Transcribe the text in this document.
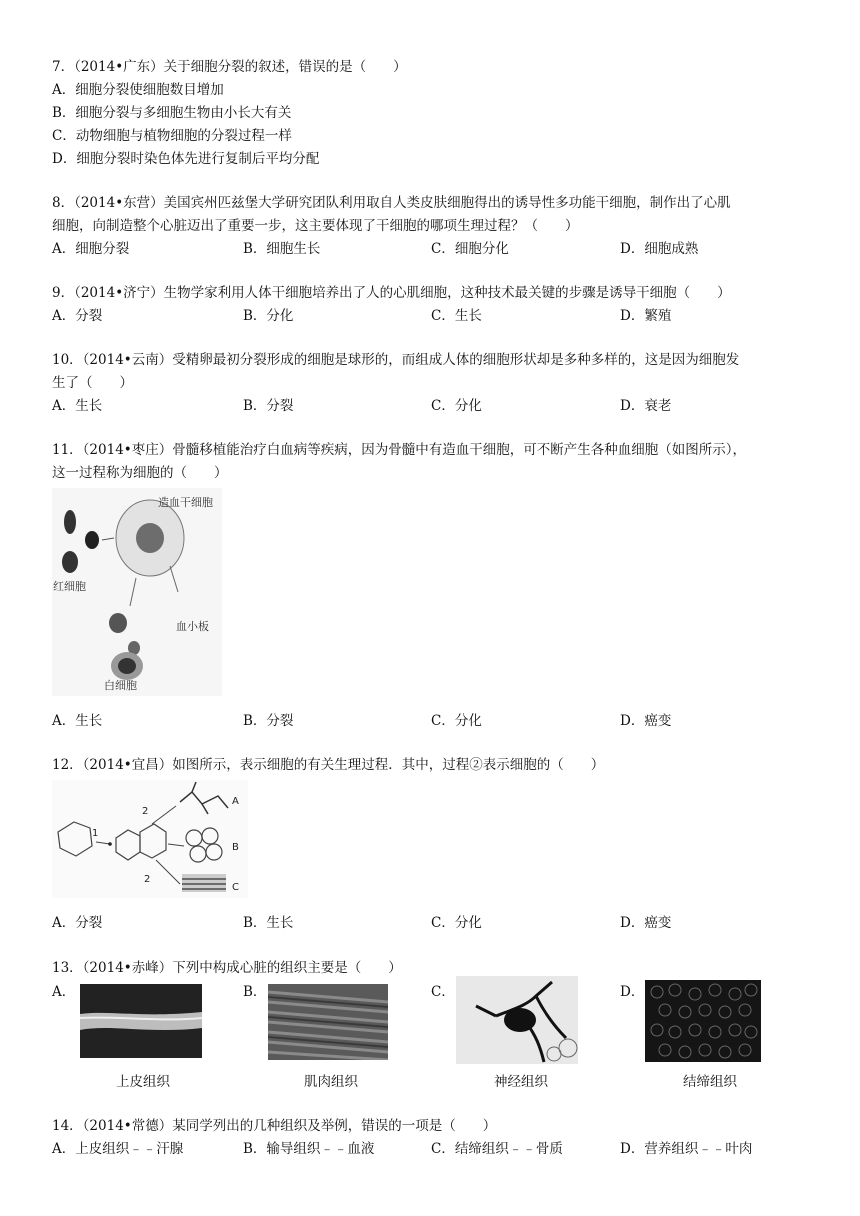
7．（2014•广东）关于细胞分裂的叙述，错误的是（　　）
A．细胞分裂使细胞数目增加
B．细胞分裂与多细胞生物由小长大有关
C．动物细胞与植物细胞的分裂过程一样
D．细胞分裂时染色体先进行复制后平均分配
8．（2014•东营）美国宾州匹兹堡大学研究团队利用取自人类皮肤细胞得出的诱导性多功能干细胞，制作出了心肌
细胞，向制造整个心脏迈出了重要一步，这主要体现了干细胞的哪项生理过程？（　　）
A．细胞分裂	B．细胞生长	C．细胞分化	D．细胞成熟
9．（2014•济宁）生物学家利用人体干细胞培养出了人的心肌细胞，这种技术最关键的步骤是诱导干细胞（　　）
A．分裂	B．分化	C．生长	D．繁殖
10．（2014•云南）受精卵最初分裂形成的细胞是球形的，而组成人体的细胞形状却是多种多样的，这是因为细胞发
生了（　　）
A．生长	B．分裂	C．分化	D．衰老
11．（2014•枣庄）骨髓移植能治疗白血病等疾病，因为骨髓中有造血干细胞，可不断产生各种血细胞（如图所示），
这一过程称为细胞的（　　）
造血干细胞
红细胞
血小板
白细胞
A．生长	B．分裂	C．分化	D．癌变
12．（2014•宜昌）如图所示，表示细胞的有关生理过程．其中，过程②表示细胞的（　　）
1
2
2
A
B
C
A．分裂	B．生长	C．分化	D．癌变
13．（2014•赤峰）下列中构成心脏的组织主要是（　　）
A．	B．	C．	D．
上皮组织	肌肉组织	神经组织	结缔组织
14．（2014•常德）某同学列出的几种组织及举例，错误的一项是（　　）
A．上皮组织﹣﹣汗腺	B．输导组织﹣﹣血液	C．结缔组织﹣﹣骨质	D．营养组织﹣﹣叶肉
